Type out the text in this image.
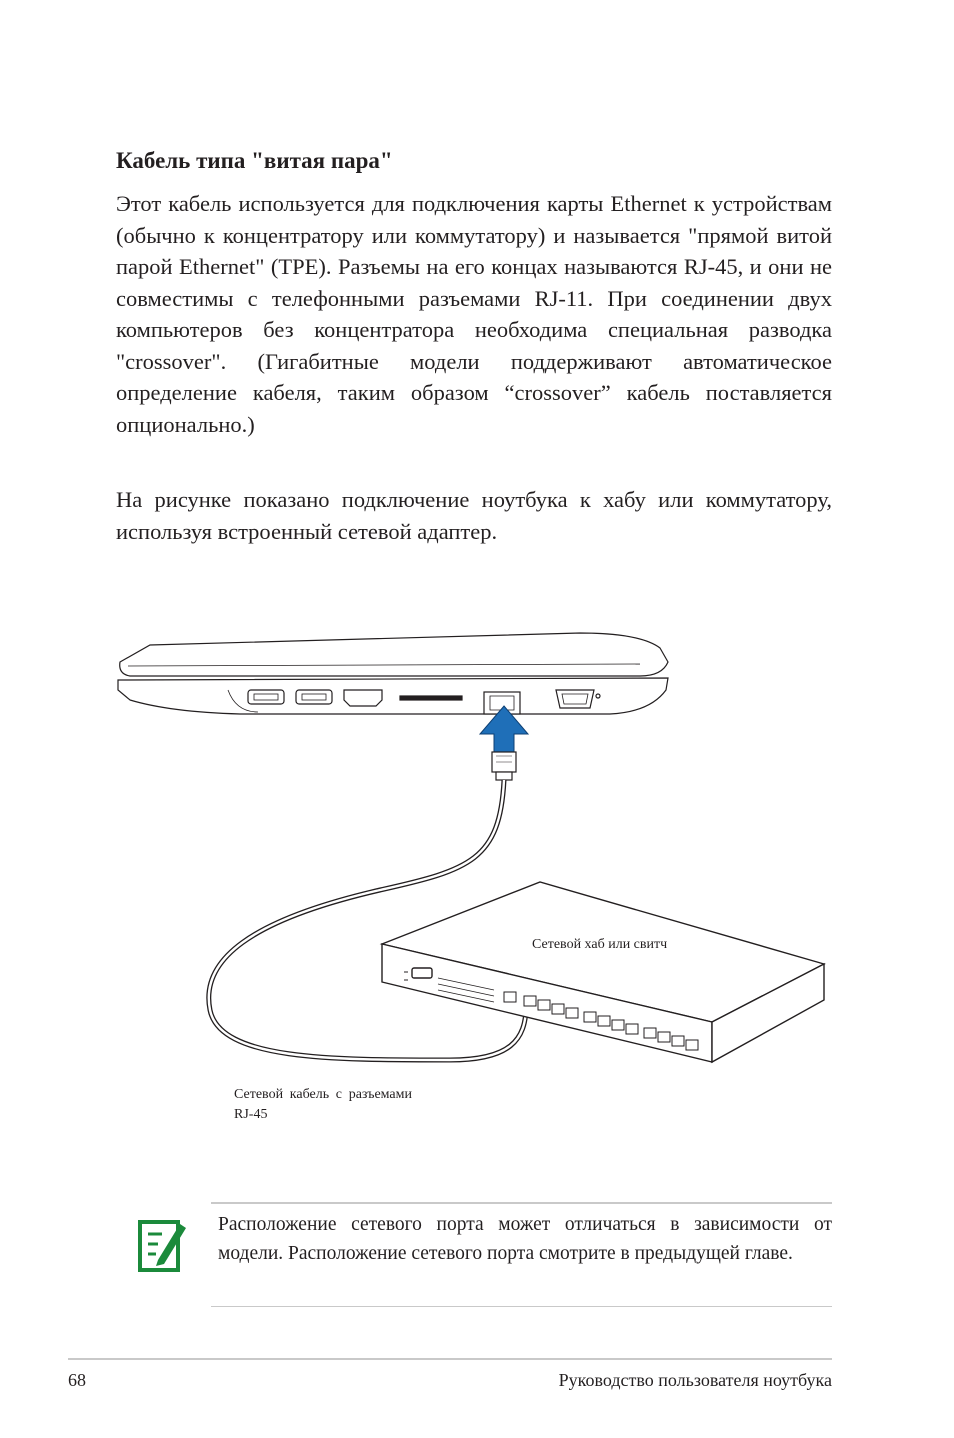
Кабель типа "витая пара"

Этот кабель используется для подключения карты Ethernet к устройствам (обычно к концентратору или коммутатору) и называется "прямой витой парой Ethernet" (TPE). Разъемы на его концах называются RJ-45, и они не совместимы с телефонными разъемами RJ-11. При соединении двух компьютеров без концентратора необходима специальная разводка "crossover". (Гигабитные модели поддерживают автоматическое определение кабеля, таким образом “crossover” кабель поставляется опционально.)

На рисунке показано подключение ноутбука к хабу или коммутатору, используя встроенный сетевой адаптер.

Сетевой хаб или свитч
Сетевой кабель с разъемами RJ-45

Расположение сетевого порта может отличаться в зависимости от модели. Расположение сетевого порта смотрите в предыдущей главе.

68	Руководство пользователя ноутбука
